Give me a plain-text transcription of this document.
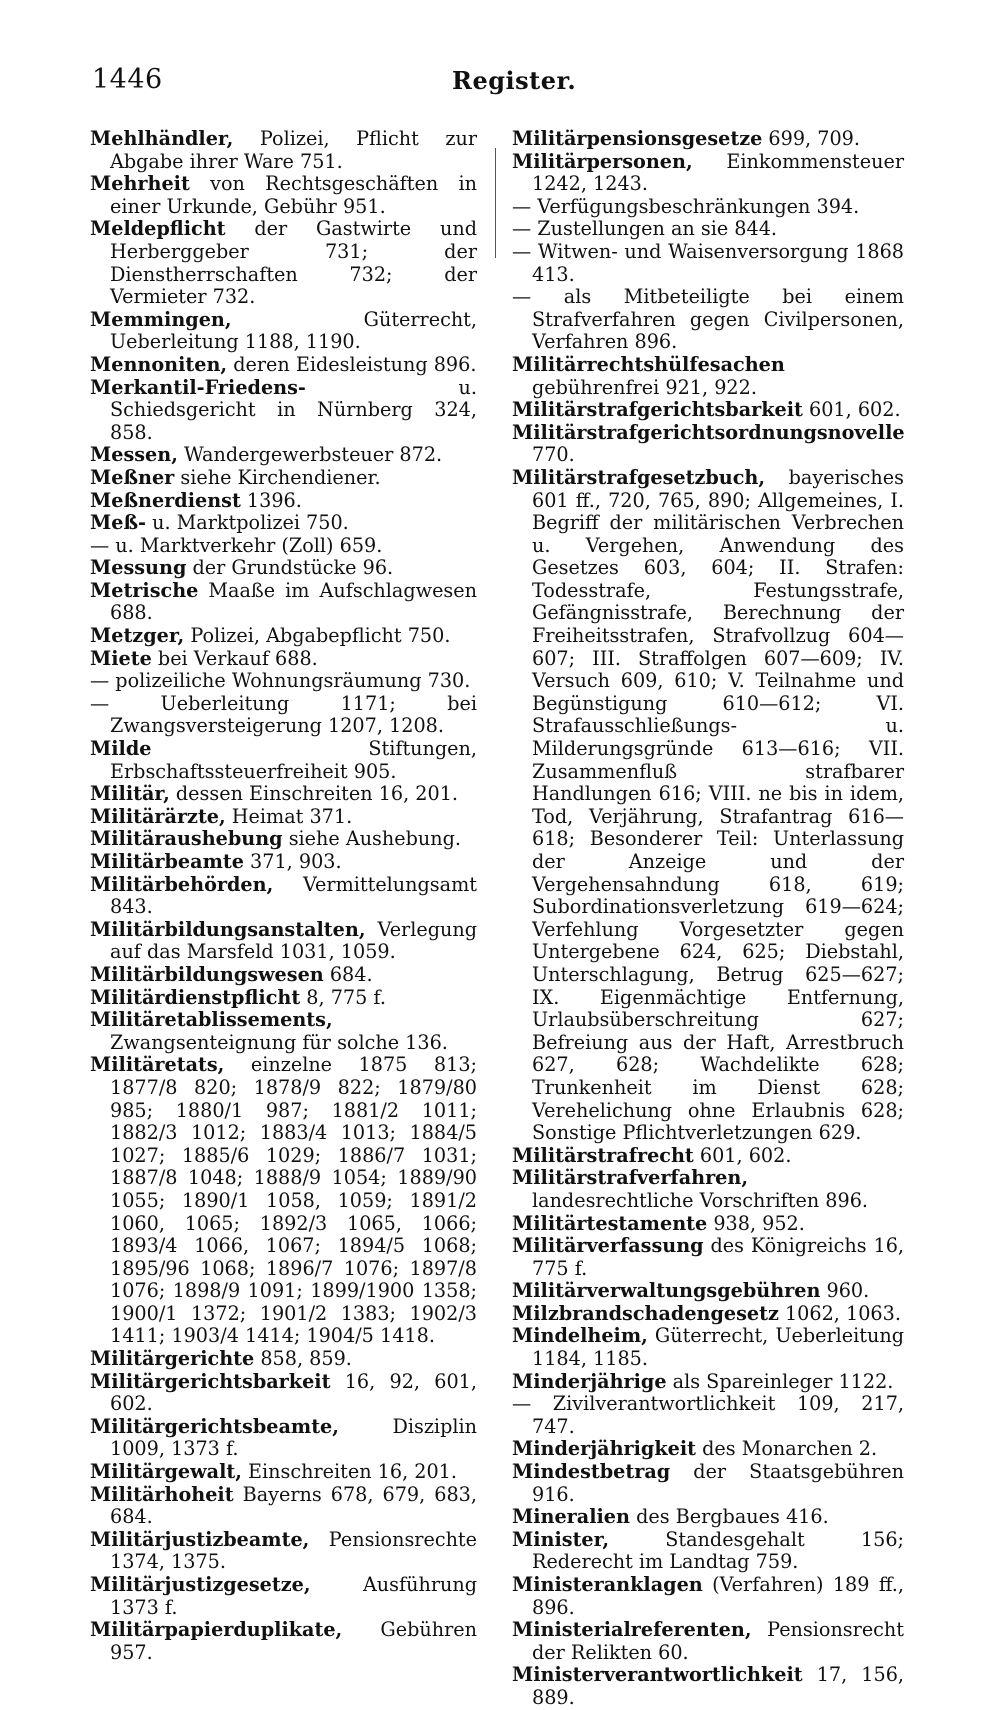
1446	Register.
Mehlhändler, Polizei, Pflicht zur Abgabe ihrer Ware 751.
Mehrheit von Rechtsgeschäften in einer Urkunde, Gebühr 951.
Meldepflicht der Gastwirte und Herberggeber 731; der Dienstherrschaften 732; der Vermieter 732.
Memmingen, Güterrecht, Ueberleitung 1188, 1190.
Mennoniten, deren Eidesleistung 896.
Merkantil-Friedens- u. Schiedsgericht in Nürnberg 324, 858.
Messen, Wandergewerbsteuer 872.
Meßner siehe Kirchendiener.
Meßnerdienst 1396.
Meß- u. Marktpolizei 750.
— u. Marktverkehr (Zoll) 659.
Messung der Grundstücke 96.
Metrische Maaße im Aufschlagwesen 688.
Metzger, Polizei, Abgabepflicht 750.
Miete bei Verkauf 688.
— polizeiliche Wohnungsräumung 730.
— Ueberleitung 1171; bei Zwangsversteigerung 1207, 1208.
Milde Stiftungen, Erbschaftssteuerfreiheit 905.
Militär, dessen Einschreiten 16, 201.
Militärärzte, Heimat 371.
Militäraushebung siehe Aushebung.
Militärbeamte 371, 903.
Militärbehörden, Vermittelungsamt 843.
Militärbildungsanstalten, Verlegung auf das Marsfeld 1031, 1059.
Militärbildungswesen 684.
Militärdienstpflicht 8, 775 f.
Militäretablissements, Zwangsenteignung für solche 136.
Militäretats, einzelne 1875 813; 1877/8 820; 1878/9 822; 1879/80 985; 1880/1 987; 1881/2 1011; 1882/3 1012; 1883/4 1013; 1884/5 1027; 1885/6 1029; 1886/7 1031; 1887/8 1048; 1888/9 1054; 1889/90 1055; 1890/1 1058, 1059; 1891/2 1060, 1065; 1892/3 1065, 1066; 1893/4 1066, 1067; 1894/5 1068; 1895/96 1068; 1896/7 1076; 1897/8 1076; 1898/9 1091; 1899/1900 1358; 1900/1 1372; 1901/2 1383; 1902/3 1411; 1903/4 1414; 1904/5 1418.
Militärgerichte 858, 859.
Militärgerichtsbarkeit 16, 92, 601, 602.
Militärgerichtsbeamte, Disziplin 1009, 1373 f.
Militärgewalt, Einschreiten 16, 201.
Militärhoheit Bayerns 678, 679, 683, 684.
Militärjustizbeamte, Pensionsrechte 1374, 1375.
Militärjustizgesetze, Ausführung 1373 f.
Militärpapierduplikate, Gebühren 957.
Militärpensionsgesetze 699, 709.
Militärpersonen, Einkommensteuer 1242, 1243.
— Verfügungsbeschränkungen 394.
— Zustellungen an sie 844.
— Witwen- und Waisenversorgung 1868 413.
— als Mitbeteiligte bei einem Strafverfahren gegen Civilpersonen, Verfahren 896.
Militärrechtshülfesachen gebührenfrei 921, 922.
Militärstrafgerichtsbarkeit 601, 602.
Militärstrafgerichtsordnungsnovelle 770.
Militärstrafgesetzbuch, bayerisches 601 ff., 720, 765, 890; Allgemeines, I. Begriff der militärischen Verbrechen u. Vergehen, Anwendung des Gesetzes 603, 604; II. Strafen: Todesstrafe, Festungsstrafe, Gefängnisstrafe, Berechnung der Freiheitsstrafen, Strafvollzug 604—607; III. Straffolgen 607—609; IV. Versuch 609, 610; V. Teilnahme und Begünstigung 610—612; VI. Strafausschließungs- u. Milderungsgründe 613—616; VII. Zusammenfluß strafbarer Handlungen 616; VIII. ne bis in idem, Tod, Verjährung, Strafantrag 616—618; Besonderer Teil: Unterlassung der Anzeige und der Vergehensahndung 618, 619; Subordinationsverletzung 619—624; Verfehlung Vorgesetzter gegen Untergebene 624, 625; Diebstahl, Unterschlagung, Betrug 625—627; IX. Eigenmächtige Entfernung, Urlaubsüberschreitung 627; Befreiung aus der Haft, Arrestbruch 627, 628; Wachdelikte 628; Trunkenheit im Dienst 628; Verehelichung ohne Erlaubnis 628; Sonstige Pflichtverletzungen 629.
Militärstrafrecht 601, 602.
Militärstrafverfahren, landesrechtliche Vorschriften 896.
Militärtestamente 938, 952.
Militärverfassung des Königreichs 16, 775 f.
Militärverwaltungsgebühren 960.
Milzbrandschadengesetz 1062, 1063.
Mindelheim, Güterrecht, Ueberleitung 1184, 1185.
Minderjährige als Spareinleger 1122.
— Zivilverantwortlichkeit 109, 217, 747.
Minderjährigkeit des Monarchen 2.
Mindestbetrag der Staatsgebühren 916.
Mineralien des Bergbaues 416.
Minister, Standesgehalt 156; Rederecht im Landtag 759.
Ministeranklagen (Verfahren) 189 ff., 896.
Ministerialreferenten, Pensionsrecht der Relikten 60.
Ministerverantwortlichkeit 17, 156, 889.
